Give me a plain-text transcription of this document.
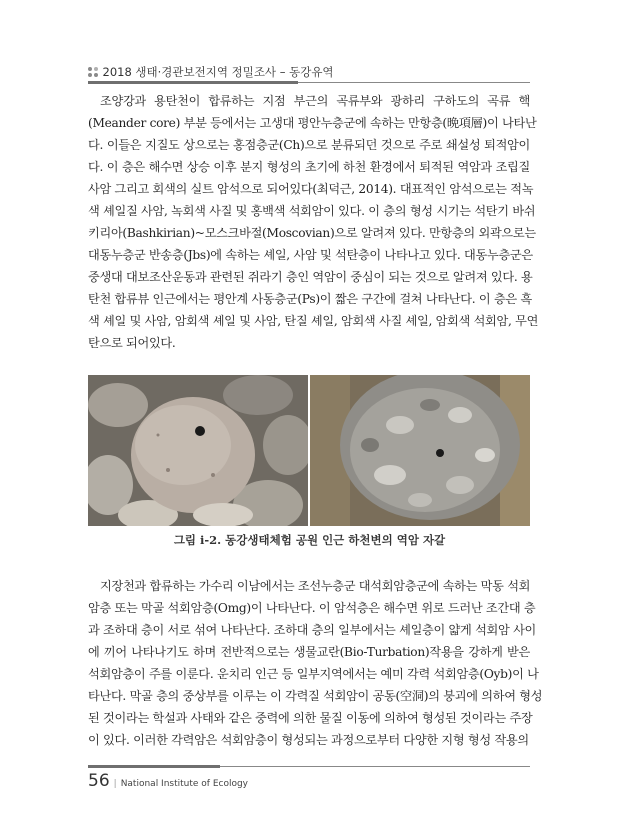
2018 생태·경관보전지역 정밀조사 – 동강유역
조양강과 용탄천이 합류하는 지점 부근의 곡류부와 광하리 구하도의 곡류 핵
(Meander core) 부분 등에서는 고생대 평안누층군에 속하는 만항층(晩項層)이 나타난
다. 이들은 지질도 상으로는 홍점층군(Ch)으로 분류되던 것으로 주로 쇄설성 퇴적암이
다. 이 층은 해수면 상승 이후 분지 형성의 초기에 하천 환경에서 퇴적된 역암과 조립질
사암 그리고 회색의 실트 암석으로 되어있다(최덕근, 2014). 대표적인 암석으로는 적녹
색 셰일질 사암, 녹회색 사질 및 홍백색 석회암이 있다. 이 층의 형성 시기는 석탄기 바쉬
키리아(Bashkirian)~모스크바절(Moscovian)으로 알려져 있다. 만항층의 외곽으로는
대동누층군 반송층(Jbs)에 속하는 셰일, 사암 및 석탄층이 나타나고 있다. 대동누층군은
중생대 대보조산운동과 관련된 쥐라기 층인 역암이 중심이 되는 것으로 알려져 있다. 용
탄천 합류뷰 인근에서는 평안계 사동층군(Ps)이 짧은 구간에 걸쳐 나타난다. 이 층은 흑
색 셰일 및 사암, 암회색 셰일 및 사암, 탄질 셰일, 암회색 사질 셰일, 암회색 석회암, 무연
탄으로 되어있다.
그림 i-2. 동강생태체험 공원 인근 하천변의 역암 자갈
지장천과 합류하는 가수리 이남에서는 조선누층군 대석회암층군에 속하는 막동 석회
암층 또는 막골 석회암층(Omg)이 나타난다. 이 암석층은 해수면 위로 드러난 조간대 층
과 조하대 층이 서로 섞여 나타난다. 조하대 층의 일부에서는 셰일층이 얇게 석회암 사이
에 끼어 나타나기도 하며 전반적으로는 생물교란(Bio-Turbation)작용을 강하게 받은
석회암층이 주를 이룬다. 운치리 인근 등 일부지역에서는 예미 각력 석회암층(Oyb)이 나
타난다. 막골 층의 중상부를 이루는 이 각력질 석회암이 공동(空洞)의 붕괴에 의하여 형성
된 것이라는 학설과 사태와 같은 중력에 의한 물질 이동에 의하여 형성된 것이라는 주장
이 있다. 이러한 각력암은 석회암층이 형성되는 과정으로부터 다양한 지형 형성 작용의
56 | National Institute of Ecology
